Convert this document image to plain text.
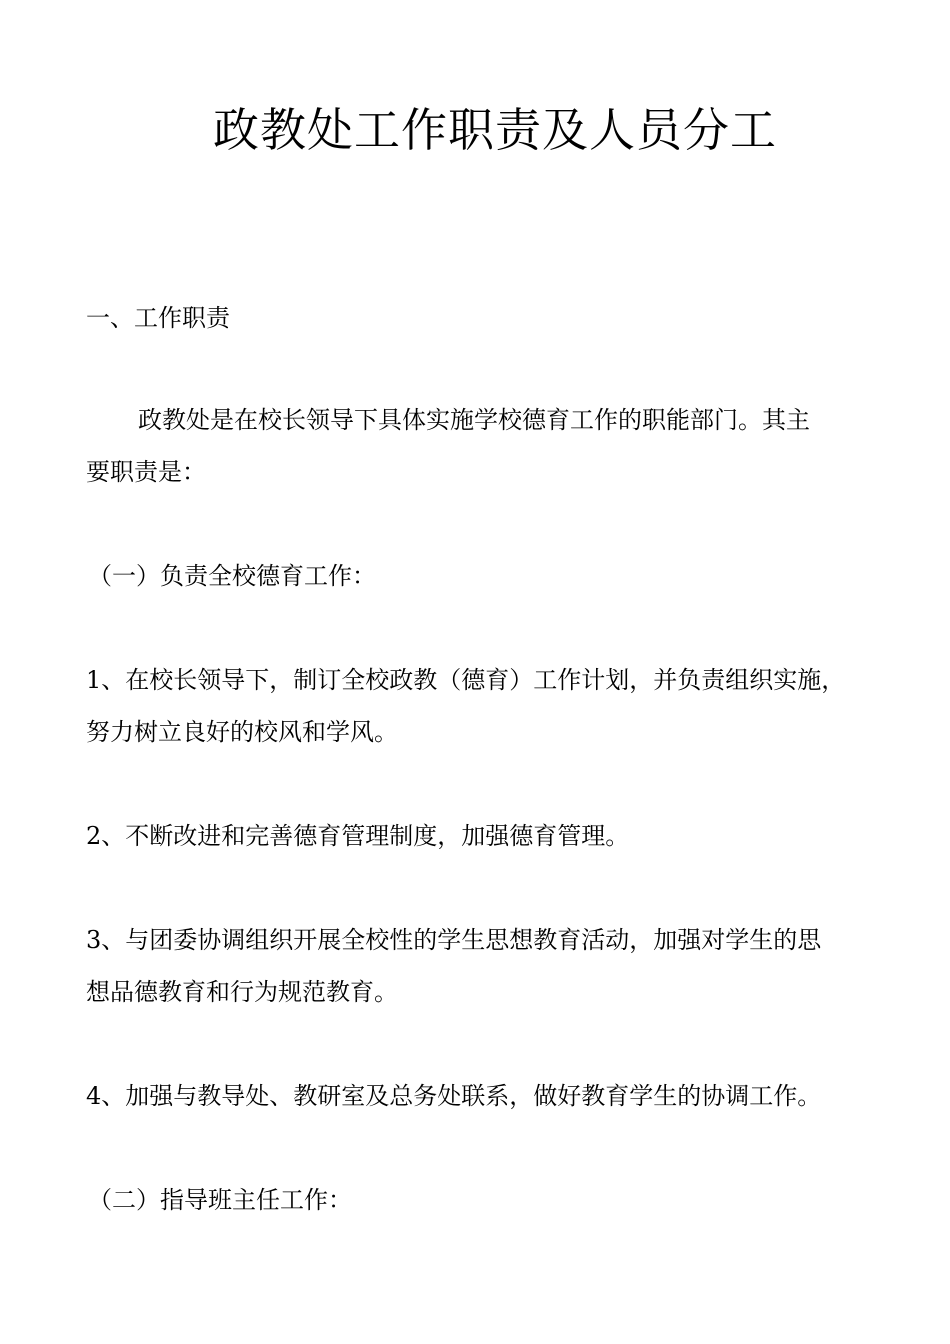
政教处工作职责及人员分工
一、工作职责
政教处是在校长领导下具体实施学校德育工作的职能部门。其主
要职责是：
（一）负责全校德育工作：
1、在校长领导下，制订全校政教（德育）工作计划，并负责组织实施，
努力树立良好的校风和学风。
2、不断改进和完善德育管理制度，加强德育管理。
3、与团委协调组织开展全校性的学生思想教育活动，加强对学生的思
想品德教育和行为规范教育。
4、加强与教导处、教研室及总务处联系，做好教育学生的协调工作。
（二）指导班主任工作：
